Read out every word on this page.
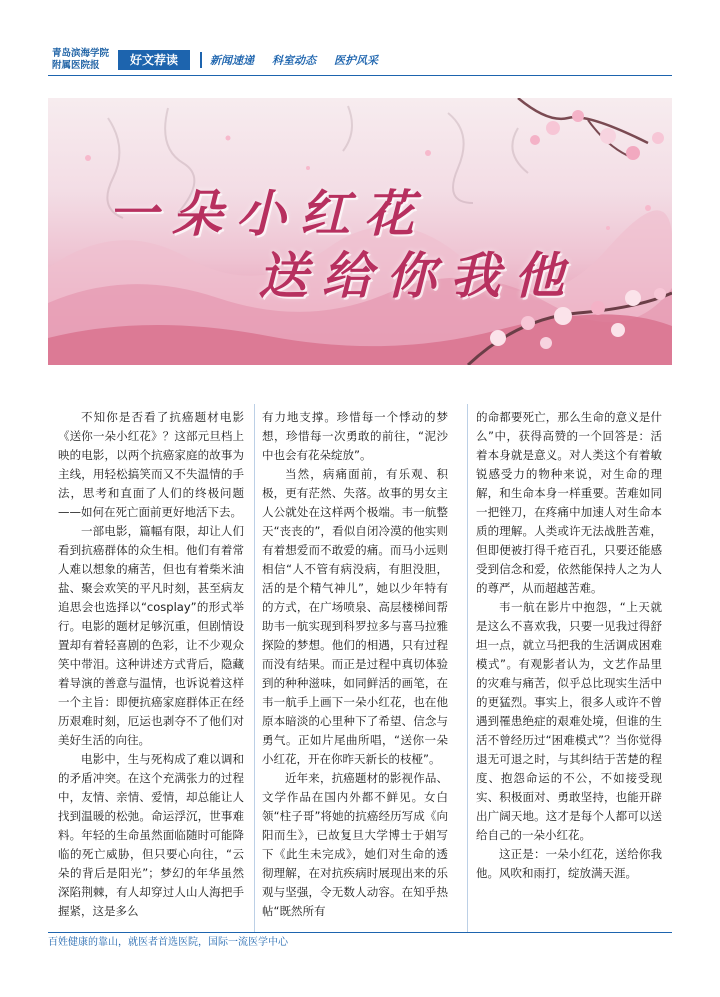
青岛滨海学院
附属医院报	好文荐读	新闻速递 科室动态 医护风采
一朵小红花
送给你我他

不知你是否看了抗癌题材电影《送你一朵小红花》？这部元旦档上映的电影，以两个抗癌家庭的故事为主线，用轻松搞笑而又不失温情的手法，思考和直面了人们的终极问题——如何在死亡面前更好地活下去。

一部电影，篇幅有限，却让人们看到抗癌群体的众生相。他们有着常人难以想象的痛苦，但也有着柴米油盐、聚会欢笑的平凡时刻，甚至病友追思会也选择以“cosplay”的形式举行。电影的题材足够沉重，但剧情设置却有着轻喜剧的色彩，让不少观众笑中带泪。这种讲述方式背后，隐藏着导演的善意与温情，也诉说着这样一个主旨：即便抗癌家庭群体正在经历艰难时刻，厄运也剥夺不了他们对美好生活的向往。

电影中，生与死构成了难以调和的矛盾冲突。在这个充满张力的过程中，友情、亲情、爱情，却总能让人找到温暖的松弛。命运浮沉，世事难料。年轻的生命虽然面临随时可能降临的死亡威胁，但只要心向往，“云朵的背后是阳光”；梦幻的年华虽然深陷荆棘，有人却穿过人山人海把手握紧，这是多么

有力地支撑。珍惜每一个悸动的梦想，珍惜每一次勇敢的前往，“泥沙中也会有花朵绽放”。

当然，病痛面前，有乐观、积极，更有茫然、失落。故事的男女主人公就处在这样两个极端。韦一航整天“丧丧的”，看似自闭冷漠的他实则有着想爱而不敢爱的痛。而马小远则相信“人不管有病没病，有胆没胆，活的是个精气神儿”，她以少年特有的方式，在广场喷泉、高层楼梯间帮助韦一航实现到科罗拉多与喜马拉雅探险的梦想。他们的相遇，只有过程而没有结果。而正是过程中真切体验到的种种滋味，如同鲜活的画笔，在韦一航手上画下一朵小红花，也在他原本暗淡的心里种下了希望、信念与勇气。正如片尾曲所唱，“送你一朵小红花，开在你昨天新长的枝桠”。

近年来，抗癌题材的影视作品、文学作品在国内外都不鲜见。女白领“柱子哥”将她的抗癌经历写成《向阳而生》，已故复旦大学博士于娟写下《此生未完成》，她们对生命的透彻理解，在对抗疾病时展现出来的乐观与坚强，令无数人动容。在知乎热帖“既然所有

的命都要死亡，那么生命的意义是什么”中，获得高赞的一个回答是：活着本身就是意义。对人类这个有着敏锐感受力的物种来说，对生命的理解，和生命本身一样重要。苦难如同一把锉刀，在疼痛中加速人对生命本质的理解。人类或许无法战胜苦难，但即便被打得千疮百孔，只要还能感受到信念和爱，依然能保持人之为人的尊严，从而超越苦难。

韦一航在影片中抱怨，“上天就是这么不喜欢我，只要一见我过得舒坦一点，就立马把我的生活调成困难模式”。有观影者认为，文艺作品里的灾难与痛苦，似乎总比现实生活中的更猛烈。事实上，很多人或许不曾遇到罹患绝症的艰难处境，但谁的生活不曾经历过“困难模式”？当你觉得退无可退之时，与其纠结于苦楚的程度、抱怨命运的不公，不如接受现实、积极面对、勇敢坚持，也能开辟出广阔天地。这才是每个人都可以送给自己的一朵小红花。

这正是：一朵小红花，送给你我他。风吹和雨打，绽放满天涯。

百姓健康的靠山，就医者首选医院，国际一流医学中心
